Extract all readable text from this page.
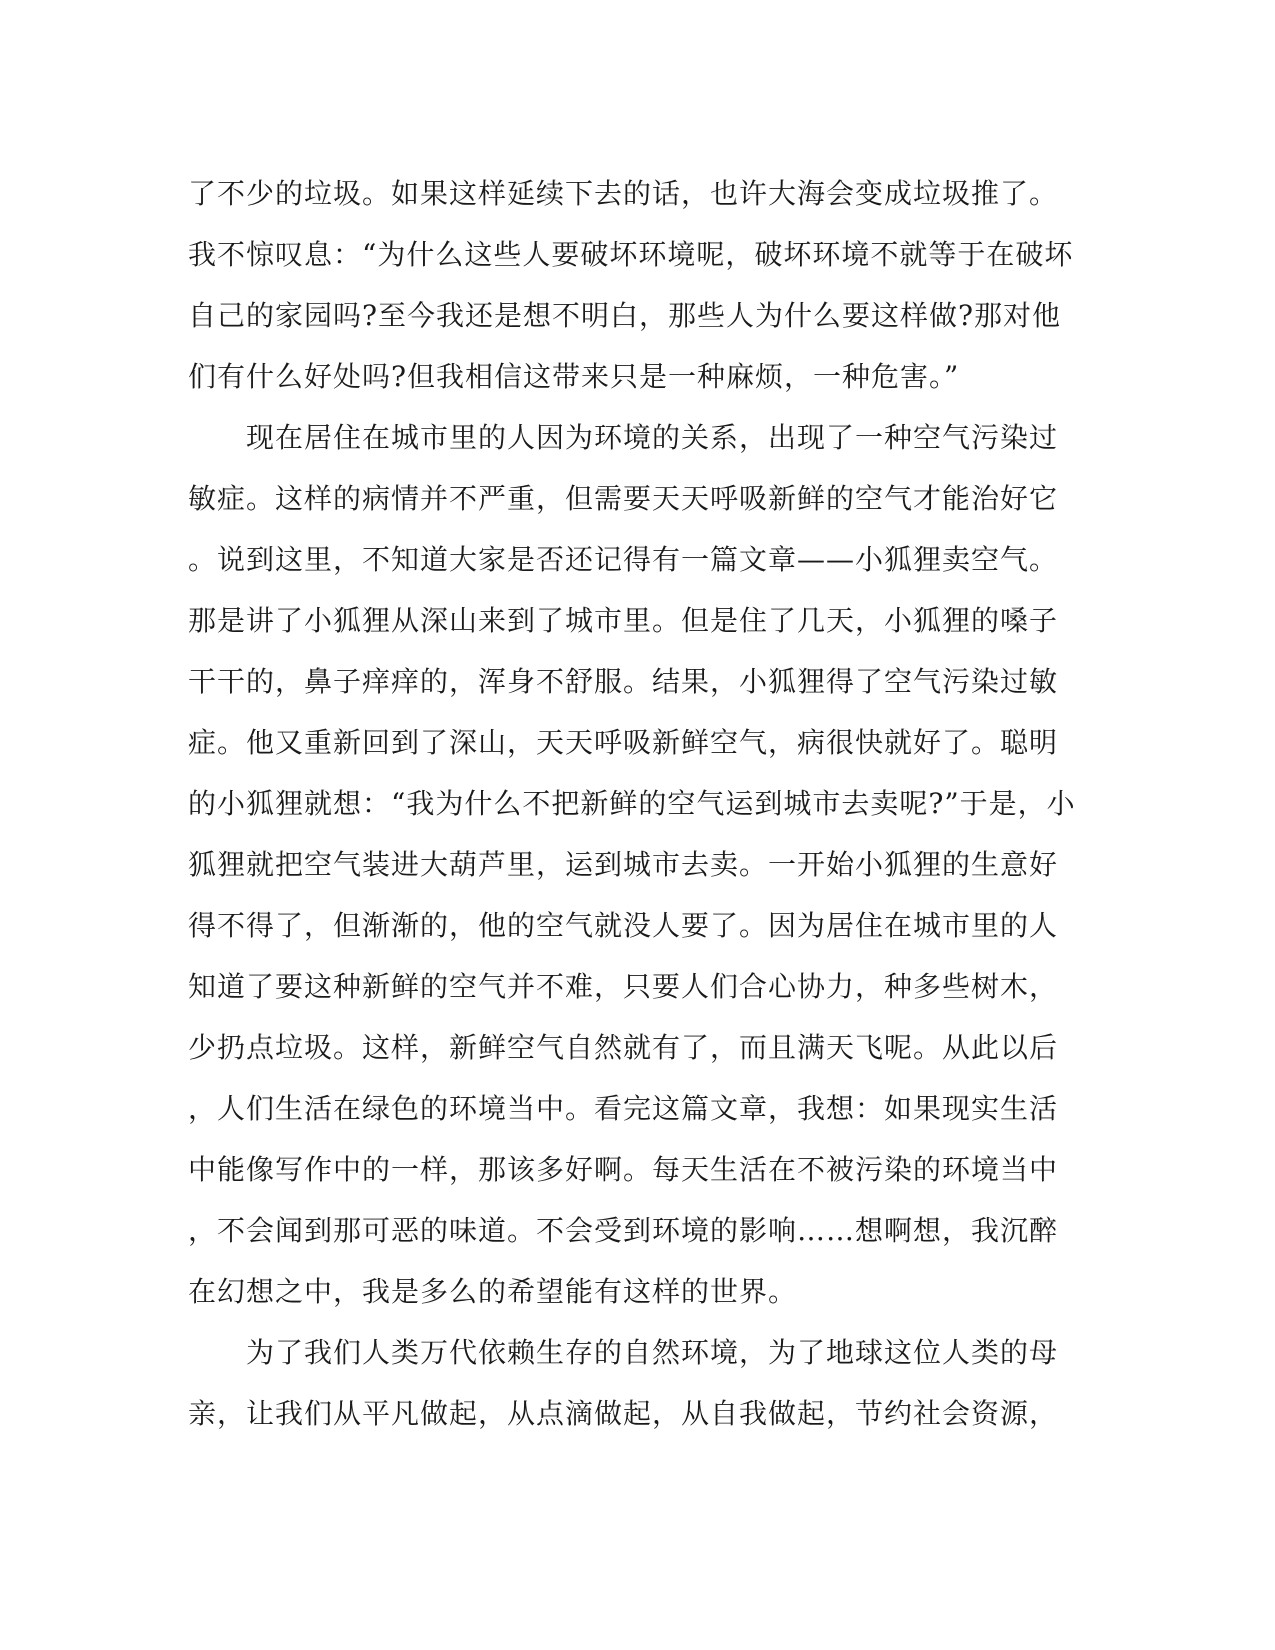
了不少的垃圾。如果这样延续下去的话，也许大海会变成垃圾推了。
我不惊叹息：“为什么这些人要破坏环境呢，破坏环境不就等于在破坏
自己的家园吗?至今我还是想不明白，那些人为什么要这样做?那对他
们有什么好处吗?但我相信这带来只是一种麻烦，一种危害。”
　　现在居住在城市里的人因为环境的关系，出现了一种空气污染过
敏症。这样的病情并不严重，但需要天天呼吸新鲜的空气才能治好它
。说到这里，不知道大家是否还记得有一篇文章——小狐狸卖空气。
那是讲了小狐狸从深山来到了城市里。但是住了几天，小狐狸的嗓子
干干的，鼻子痒痒的，浑身不舒服。结果，小狐狸得了空气污染过敏
症。他又重新回到了深山，天天呼吸新鲜空气，病很快就好了。聪明
的小狐狸就想：“我为什么不把新鲜的空气运到城市去卖呢?”于是，小
狐狸就把空气装进大葫芦里，运到城市去卖。一开始小狐狸的生意好
得不得了，但渐渐的，他的空气就没人要了。因为居住在城市里的人
知道了要这种新鲜的空气并不难，只要人们合心协力，种多些树木，
少扔点垃圾。这样，新鲜空气自然就有了，而且满天飞呢。从此以后
，人们生活在绿色的环境当中。看完这篇文章，我想：如果现实生活
中能像写作中的一样，那该多好啊。每天生活在不被污染的环境当中
，不会闻到那可恶的味道。不会受到环境的影响……想啊想，我沉醉
在幻想之中，我是多么的希望能有这样的世界。
　　为了我们人类万代依赖生存的自然环境，为了地球这位人类的母
亲，让我们从平凡做起，从点滴做起，从自我做起，节约社会资源，
